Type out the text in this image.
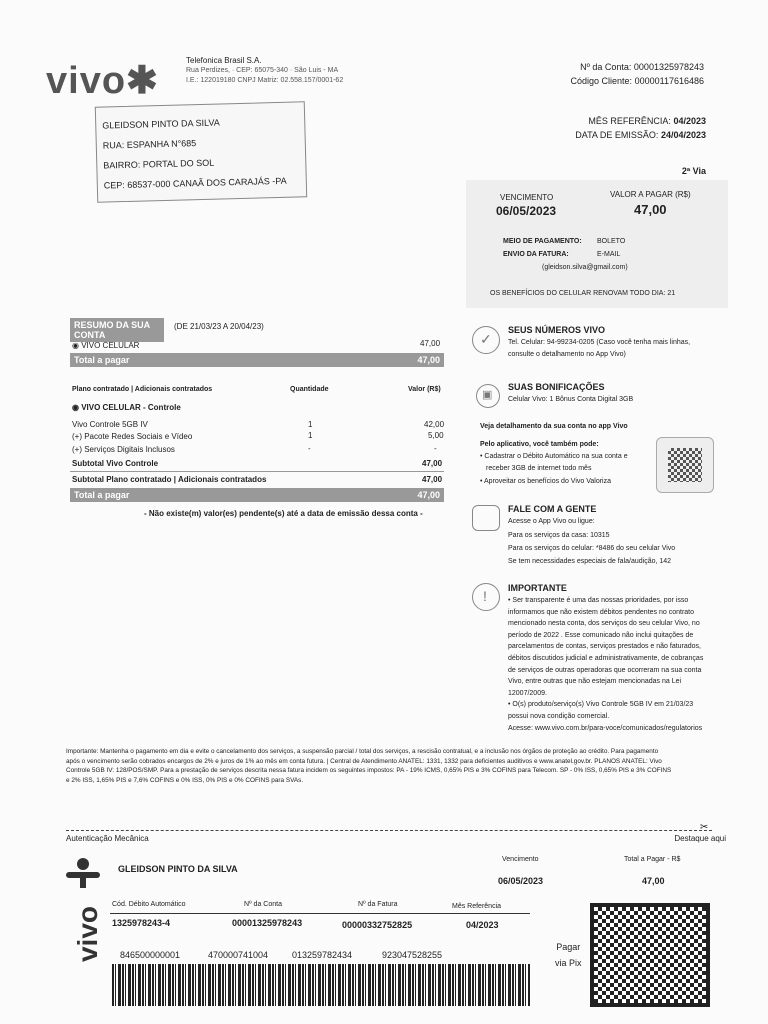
vivo✱	Telefonica Brasil S.A.
Rua Perdizes, · CEP: 65075-340 · São Luis - MA
I.E.: 122019180 CNPJ Matriz: 02.558.157/0001-62
Nº da Conta: 00001325978243
Código Cliente: 00000117616486
GLEIDSON PINTO DA SILVA
RUA: ESPANHA N°685
BAIRRO: PORTAL DO SOL
CEP: 68537-000 CANAÃ DOS CARAJÁS -PA
MÊS REFERÊNCIA: 04/2023
DATA DE EMISSÃO: 24/04/2023
2ª Via
VENCIMENTO
06/05/2023
VALOR A PAGAR (R$)
47,00
MEIO DE PAGAMENTO: BOLETO
ENVIO DA FATURA:	E-MAIL
(gleidson.silva@gmail.com)
OS BENEFÍCIOS DO CELULAR RENOVAM TODO DIA: 21
RESUMO DA SUA CONTA
(DE 21/03/23 A 20/04/23)
◉ VIVO CELULAR	47,00
Total a pagar	47,00
Plano contratado | Adicionais contratados	Quantidade	Valor (R$)
◉ VIVO CELULAR - Controle
Vivo Controle 5GB IV	1	42,00
(+) Pacote Redes Sociais e Vídeo	1	5,00
(+) Serviços Digitais Inclusos	-	-
Subtotal Vivo Controle	47,00
Subtotal Plano contratado | Adicionais contratados	47,00
Total a pagar	47,00
- Não existe(m) valor(es) pendente(s) até a data de emissão dessa conta -
✓
SEUS NÚMEROS VIVO
Tel. Celular: 94-99234-0205 (Caso você tenha mais linhas,
consulte o detalhamento no App Vivo)
▣
SUAS BONIFICAÇÕES
Celular Vivo: 1 Bônus Conta Digital 3GB
Veja detalhamento da sua conta no app Vivo
Pelo aplicativo, você também pode:
• Cadastrar o Débito Automático na sua conta e
receber 3GB de internet todo mês
• Aproveitar os benefícios do Vivo Valoriza
FALE COM A GENTE
Acesse o App Vivo ou ligue:
Para os serviços da casa: 10315
Para os serviços do celular: *8486 do seu celular Vivo
Se tem necessidades especiais de fala/audição, 142
! IMPORTANTE
• Ser transparente é uma das nossas prioridades, por isso
informamos que não existem débitos pendentes no contrato
mencionado nesta conta, dos serviços do seu celular Vivo, no
período de 2022 . Esse comunicado não inclui quitações de
parcelamentos de contas, serviços prestados e não faturados,
débitos discutidos judicial e administrativamente, de cobranças
de serviços de outras operadoras que ocorreram na sua conta
Vivo, entre outras que não estejam mencionadas na Lei
12007/2009.
• O(s) produto/serviço(s) Vivo Controle 5GB IV em 21/03/23
possui nova condição comercial.
Acesse: www.vivo.com.br/para-voce/comunicados/regulatorios
Importante: Mantenha o pagamento em dia e evite o cancelamento dos serviços, a suspensão parcial / total dos serviços, a rescisão contratual, e a inclusão nos órgãos de proteção ao crédito. Para pagamento
após o vencimento serão cobrados encargos de 2% e juros de 1% ao mês em conta futura. | Central de Atendimento ANATEL: 1331, 1332 para deficientes auditivos e www.anatel.gov.br. PLANOS ANATEL: Vivo
Controle 5GB IV: 128/POS/SMP. Para a prestação de serviços descrita nessa fatura incidem os seguintes impostos: PA - 19% ICMS, 0,65% PIS e 3% COFINS para Telecom. SP - 0% ISS, 0,65% PIS e 3% COFINS
e 2% ISS, 1,65% PIS e 7,6% COFINS e 0% ISS, 0% PIS e 0% COFINS para SVAs.
✂
Autenticação Mecânica	Destaque aqui
vivo
GLEIDSON PINTO DA SILVA
Vencimento
06/05/2023
Total a Pagar - R$
47,00
Cód. Débito Automático	Nº da Conta	Nº da Fatura	Mês Referência
1325978243-4	00001325978243	00000332752825	04/2023
846500000001	470000741004	013259782434	923047528255
Pagar
via Pix
